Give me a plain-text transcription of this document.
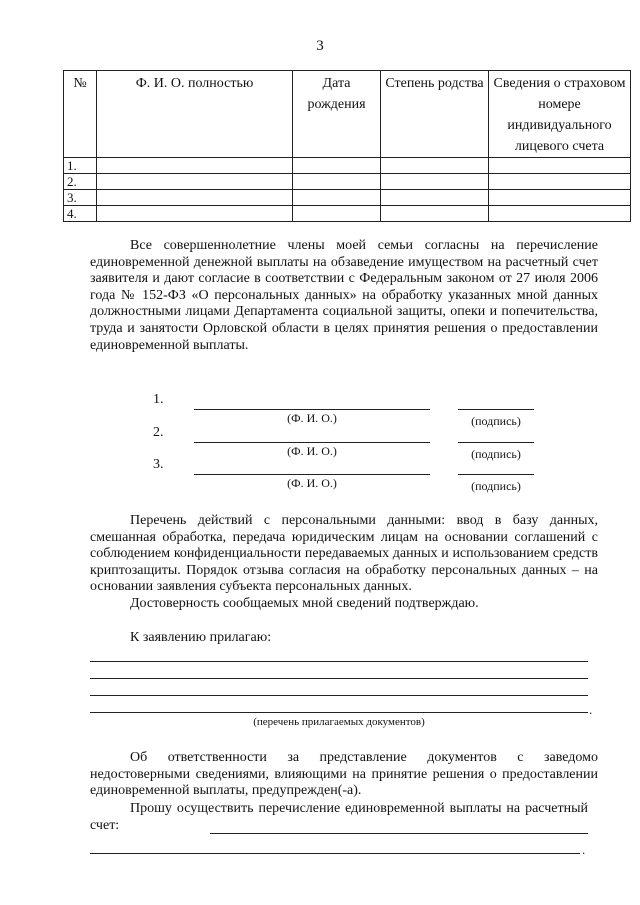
3
№	Ф. И. О. полностью	Дата рождения	Степень родства	Сведения о страховом номере индивидуального лицевого счета
1.				
2.				
3.				
4.				

Все совершеннолетние члены моей семьи согласны на перечисление единовременной денежной выплаты на обзаведение имуществом на расчетный счет заявителя и дают согласие в соответствии с Федеральным законом от 27 июля 2006 года № 152-ФЗ «О персональных данных» на обработку указанных мной данных должностными лицами Департамента социальной защиты, опеки и попечительства, труда и занятости Орловской области в целях принятия решения о предоставлении единовременной выплаты.

1.
(Ф. И. О.)	(подпись)
2.
(Ф. И. О.)	(подпись)
3.
(Ф. И. О.)	(подпись)

Перечень действий с персональными данными: ввод в базу данных, смешанная обработка, передача юридическим лицам на основании соглашений с соблюдением конфиденциальности передаваемых данных и использованием средств криптозащиты. Порядок отзыва согласия на обработку персональных данных – на основании заявления субъекта персональных данных.

Достоверность сообщаемых мной сведений подтверждаю.

К заявлению прилагаю:

.
(перечень прилагаемых документов)

Об ответственности за представление документов с заведомо недостоверными сведениями, влияющими на принятие решения о предоставлении единовременной выплаты, предупрежден(-а).

Прошу осуществить перечисление единовременной выплаты на расчетный счет:

.
